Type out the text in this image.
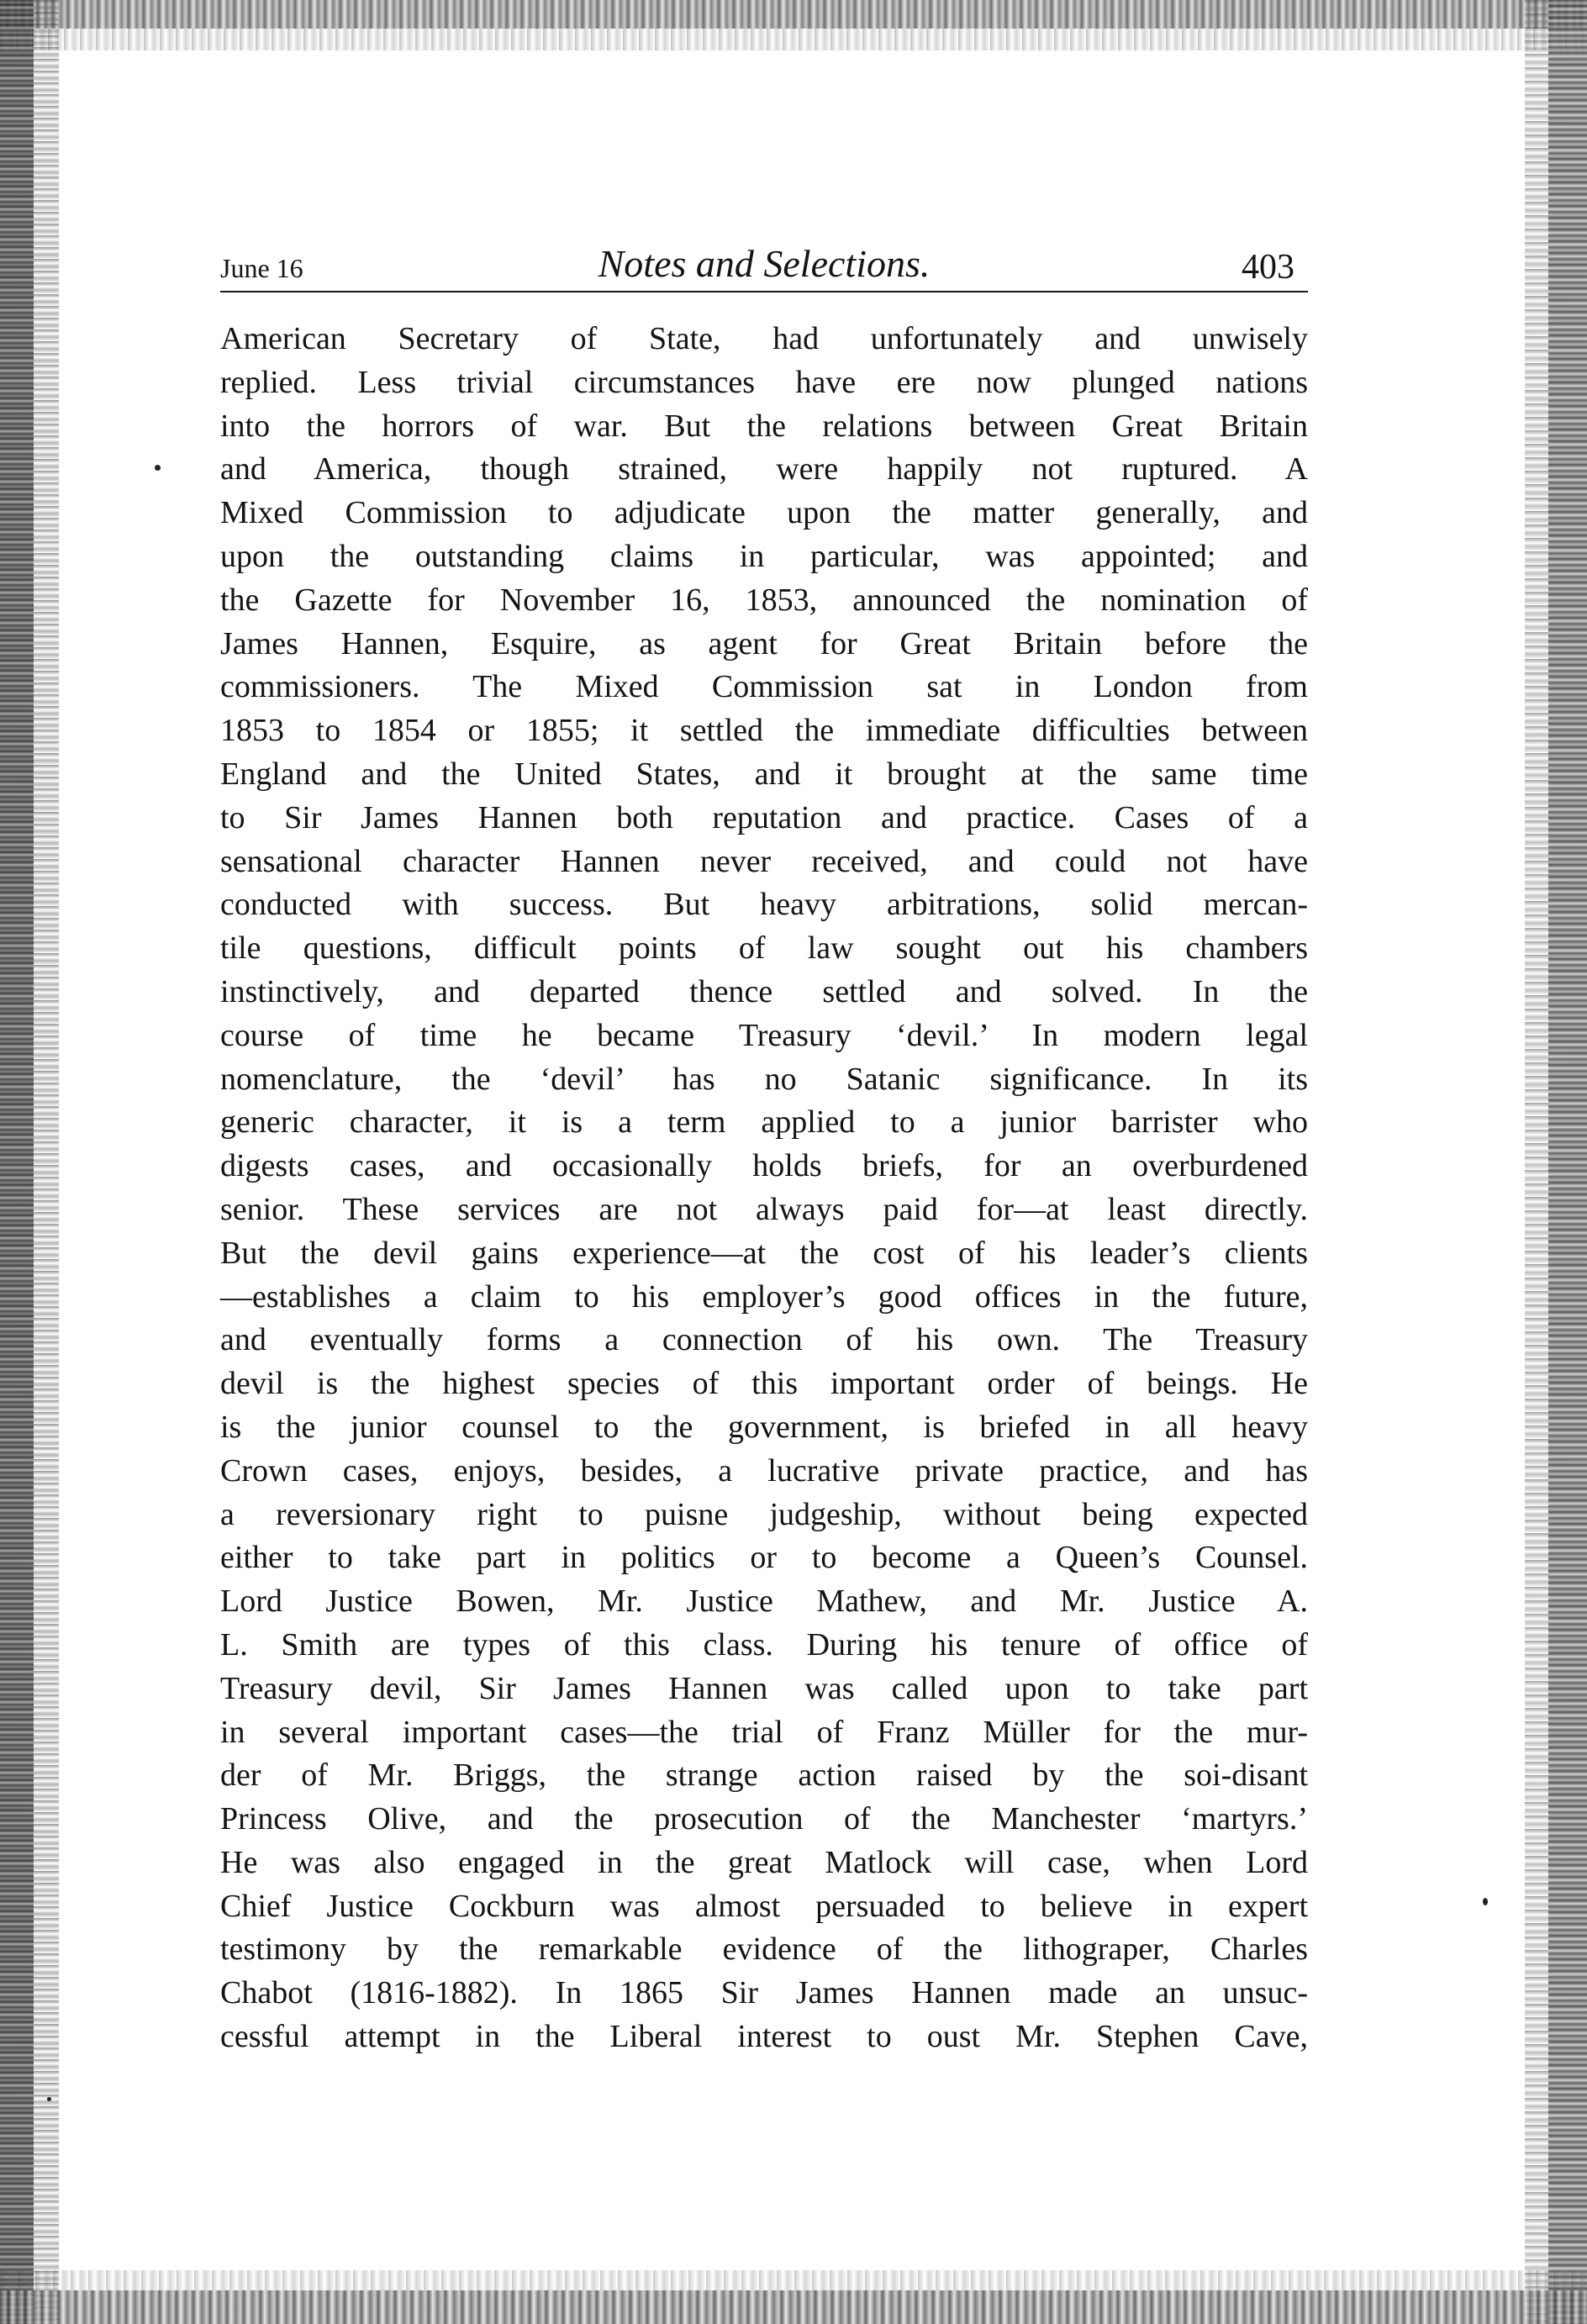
June 16	Notes and Selections.	403
American Secretary of State, had unfortunately and unwisely
replied. Less trivial circumstances have ere now plunged nations
into the horrors of war. But the relations between Great Britain
and America, though strained, were happily not ruptured. A
Mixed Commission to adjudicate upon the matter generally, and
upon the outstanding claims in particular, was appointed; and
the Gazette for November 16, 1853, announced the nomination of
James Hannen, Esquire, as agent for Great Britain before the
commissioners. The Mixed Commission sat in London from
1853 to 1854 or 1855; it settled the immediate difficulties between
England and the United States, and it brought at the same time
to Sir James Hannen both reputation and practice. Cases of a
sensational character Hannen never received, and could not have
conducted with success. But heavy arbitrations, solid mercan-
tile questions, difficult points of law sought out his chambers
instinctively, and departed thence settled and solved. In the
course of time he became Treasury ‘devil.’ In modern legal
nomenclature, the ‘devil’ has no Satanic significance. In its
generic character, it is a term applied to a junior barrister who
digests cases, and occasionally holds briefs, for an overburdened
senior. These services are not always paid for—at least directly.
But the devil gains experience—at the cost of his leader’s clients
—establishes a claim to his employer’s good offices in the future,
and eventually forms a connection of his own. The Treasury
devil is the highest species of this important order of beings. He
is the junior counsel to the government, is briefed in all heavy
Crown cases, enjoys, besides, a lucrative private practice, and has
a reversionary right to puisne judgeship, without being expected
either to take part in politics or to become a Queen’s Counsel.
Lord Justice Bowen, Mr. Justice Mathew, and Mr. Justice A.
L. Smith are types of this class. During his tenure of office of
Treasury devil, Sir James Hannen was called upon to take part
in several important cases—the trial of Franz Müller for the mur-
der of Mr. Briggs, the strange action raised by the soi-disant
Princess Olive, and the prosecution of the Manchester ‘martyrs.’
He was also engaged in the great Matlock will case, when Lord
Chief Justice Cockburn was almost persuaded to believe in expert
testimony by the remarkable evidence of the lithograper, Charles
Chabot (1816-1882). In 1865 Sir James Hannen made an unsuc-
cessful attempt in the Liberal interest to oust Mr. Stephen Cave,
